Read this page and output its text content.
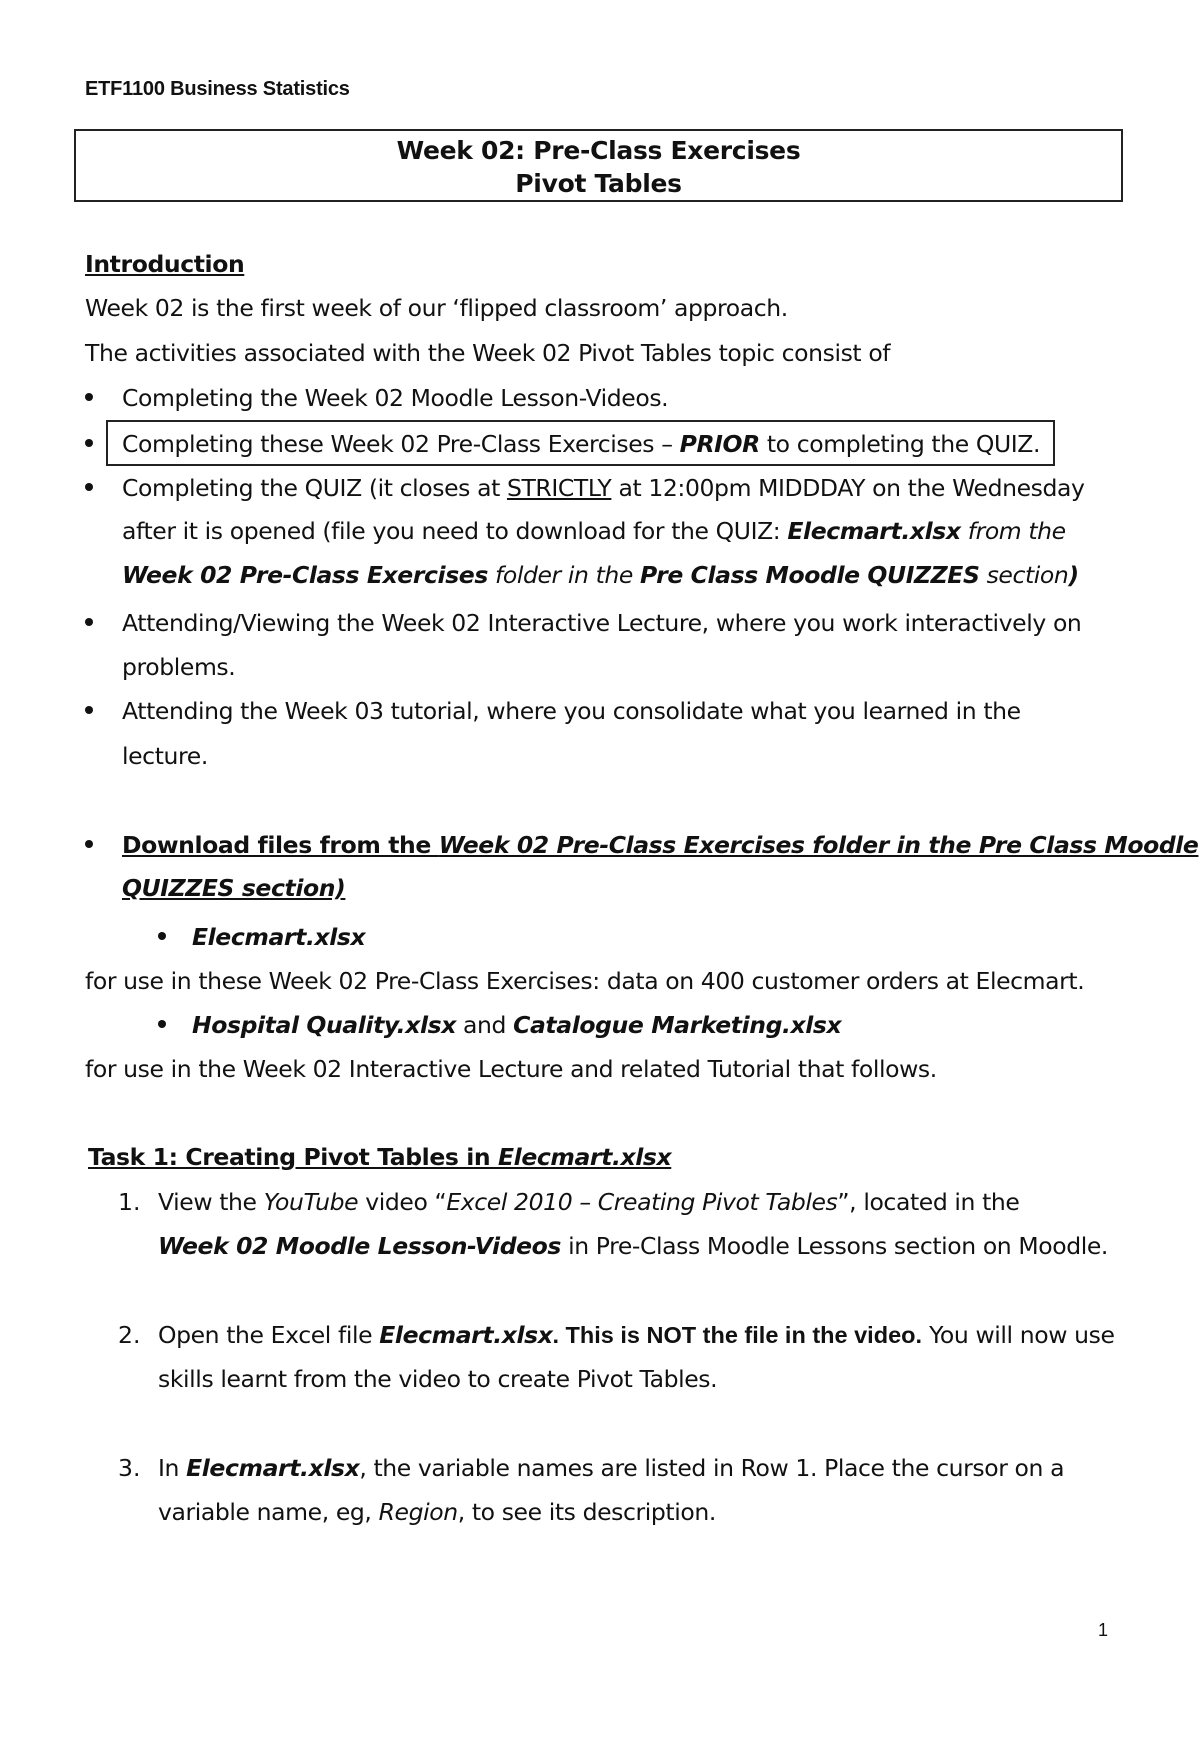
ETF1100 Business Statistics
Week 02: Pre-Class Exercises
Pivot Tables
Introduction
Week 02 is the first week of our ‘flipped classroom’ approach.
The activities associated with the Week 02 Pivot Tables topic consist of
Completing the Week 02 Moodle Lesson-Videos.
Completing these Week 02 Pre-Class Exercises – PRIOR to completing the QUIZ.
Completing the QUIZ (it closes at STRICTLY at 12:00pm MIDDDAY on the Wednesday
after it is opened (file you need to download for the QUIZ: Elecmart.xlsx from the
Week 02 Pre-Class Exercises folder in the Pre Class Moodle QUIZZES section)
Attending/Viewing the Week 02 Interactive Lecture, where you work interactively on
problems.
Attending the Week 03 tutorial, where you consolidate what you learned in the
lecture.
Download files from the Week 02 Pre-Class Exercises folder in the Pre Class Moodle
QUIZZES section)
Elecmart.xlsx
for use in these Week 02 Pre-Class Exercises: data on 400 customer orders at Elecmart.
Hospital Quality.xlsx and Catalogue Marketing.xlsx
for use in the Week 02 Interactive Lecture and related Tutorial that follows.
Task 1: Creating Pivot Tables in Elecmart.xlsx
1. View the YouTube video “Excel 2010 – Creating Pivot Tables”, located in the
Week 02 Moodle Lesson-Videos in Pre-Class Moodle Lessons section on Moodle.
2. Open the Excel file Elecmart.xlsx. This is NOT the file in the video. You will now use
skills learnt from the video to create Pivot Tables.
3. In Elecmart.xlsx, the variable names are listed in Row 1. Place the cursor on a
variable name, eg, Region, to see its description.
1
